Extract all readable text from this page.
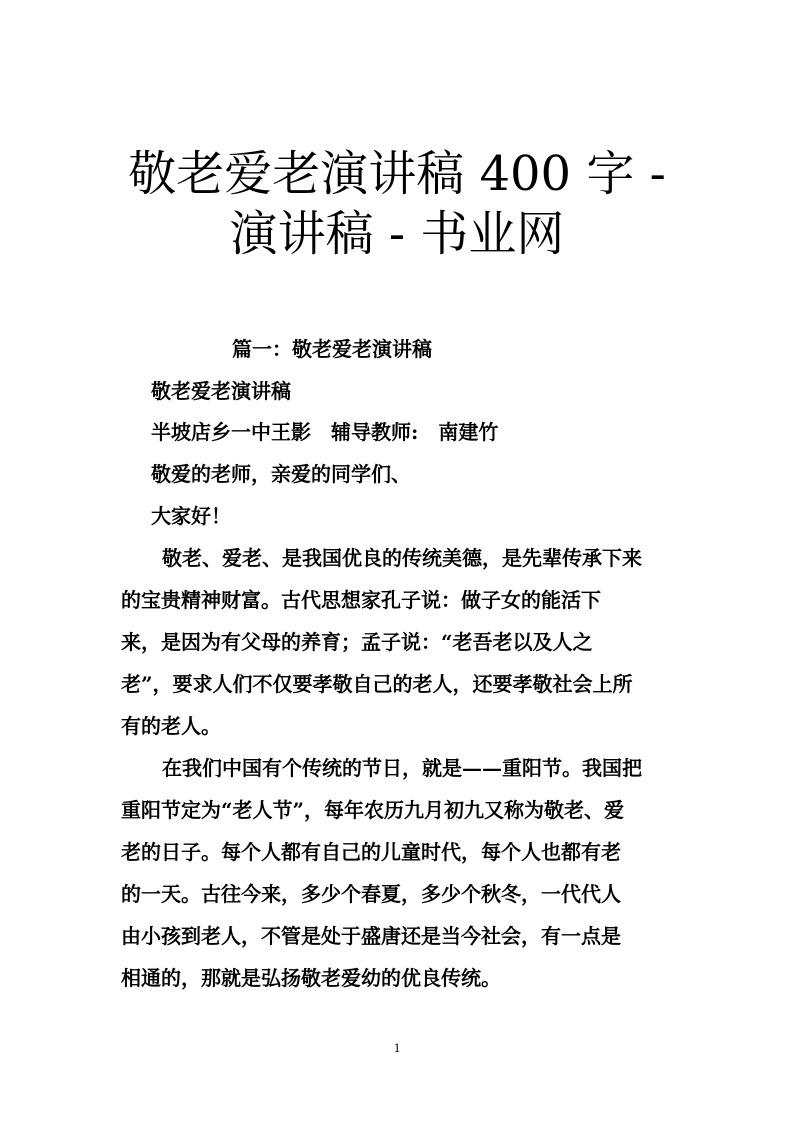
敬老爱老演讲稿 400 字 -
演讲稿 - 书业网
篇一：敬老爱老演讲稿
敬老爱老演讲稿
半坡店乡一中王影　辅导教师:　南建竹
敬爱的老师，亲爱的同学们、
大家好！
敬老、爱老、是我国优良的传统美德，是先辈传承下来
的宝贵精神财富。古代思想家孔子说：做子女的能活下
来，是因为有父母的养育；孟子说：“老吾老以及人之
老”，要求人们不仅要孝敬自己的老人，还要孝敬社会上所
有的老人。
在我们中国有个传统的节日，就是——重阳节。我国把
重阳节定为“老人节”，每年农历九月初九又称为敬老、爱
老的日子。每个人都有自己的儿童时代，每个人也都有老
的一天。古往今来，多少个春夏，多少个秋冬，一代代人
由小孩到老人，不管是处于盛唐还是当今社会，有一点是
相通的，那就是弘扬敬老爱幼的优良传统。
1
